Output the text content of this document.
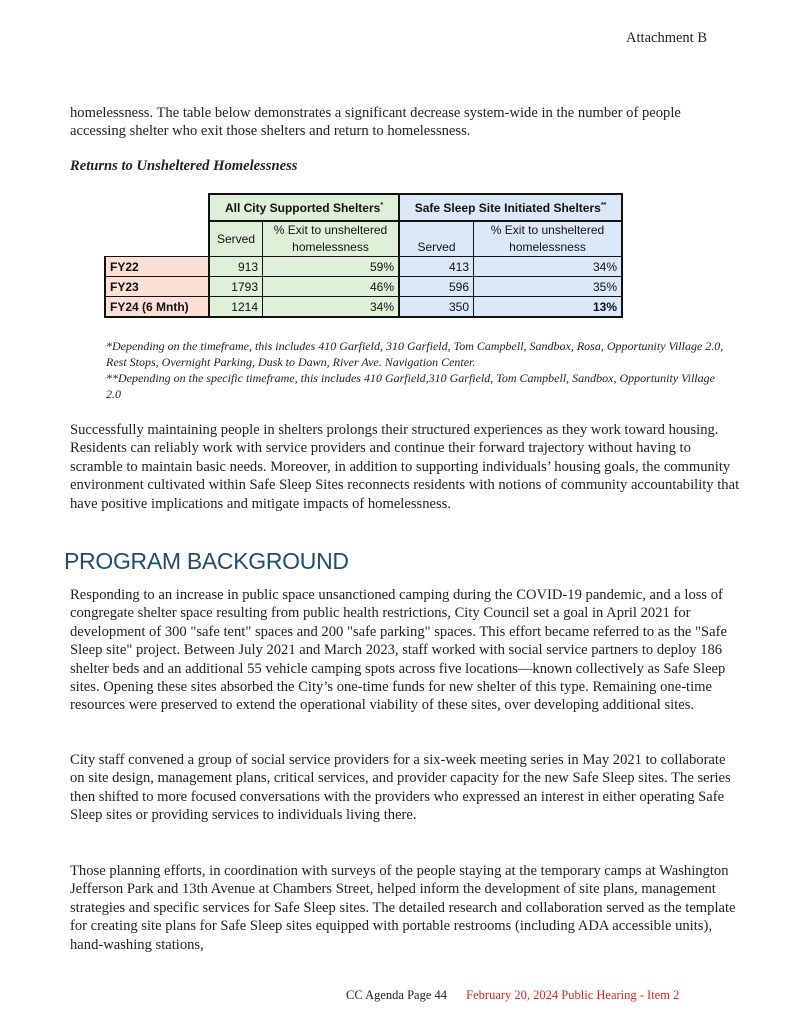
Attachment B

homelessness. The table below demonstrates a significant decrease system-wide in the number of people accessing shelter who exit those shelters and return to homelessness.

Returns to Unsheltered Homelessness
	All City Supported Shelters*		Safe Sleep Site Initiated Shelters**
	Served	% Exit to unsheltered homelessness	Served	% Exit to unsheltered homelessness
FY22	913	59%	413	34%
FY23	1793	46%	596	35%
FY24 (6 Mnth)	1214	34%	350	13%
*Depending on the timeframe, this includes 410 Garfield, 310 Garfield, Tom Campbell, Sandbox, Rosa, Opportunity Village 2.0, Rest Stops, Overnight Parking, Dusk to Dawn, River Ave. Navigation Center.
**Depending on the specific timeframe, this includes 410 Garfield,310 Garfield, Tom Campbell, Sandbox, Opportunity Village 2.0

Successfully maintaining people in shelters prolongs their structured experiences as they work toward housing. Residents can reliably work with service providers and continue their forward trajectory without having to scramble to maintain basic needs. Moreover, in addition to supporting individuals’ housing goals, the community environment cultivated within Safe Sleep Sites reconnects residents with notions of community accountability that have positive implications and mitigate impacts of homelessness.

PROGRAM BACKGROUND

Responding to an increase in public space unsanctioned camping during the COVID-19 pandemic, and a loss of congregate shelter space resulting from public health restrictions, City Council set a goal in April 2021 for development of 300 "safe tent" spaces and 200 "safe parking" spaces. This effort became referred to as the "Safe Sleep site" project. Between July 2021 and March 2023, staff worked with social service partners to deploy 186 shelter beds and an additional 55 vehicle camping spots across five locations—known collectively as Safe Sleep sites. Opening these sites absorbed the City’s one-time funds for new shelter of this type. Remaining one-time resources were preserved to extend the operational viability of these sites, over developing additional sites.

City staff convened a group of social service providers for a six-week meeting series in May 2021 to collaborate on site design, management plans, critical services, and provider capacity for the new Safe Sleep sites. The series then shifted to more focused conversations with the providers who expressed an interest in either operating Safe Sleep sites or providing services to individuals living there.

Those planning efforts, in coordination with surveys of the people staying at the temporary camps at Washington Jefferson Park and 13th Avenue at Chambers Street, helped inform the development of site plans, management strategies and specific services for Safe Sleep sites. The detailed research and collaboration served as the template for creating site plans for Safe Sleep sites equipped with portable restrooms (including ADA accessible units), hand-washing stations,

CC Agenda Page 44 February 20, 2024 Public Hearing - Item 2
